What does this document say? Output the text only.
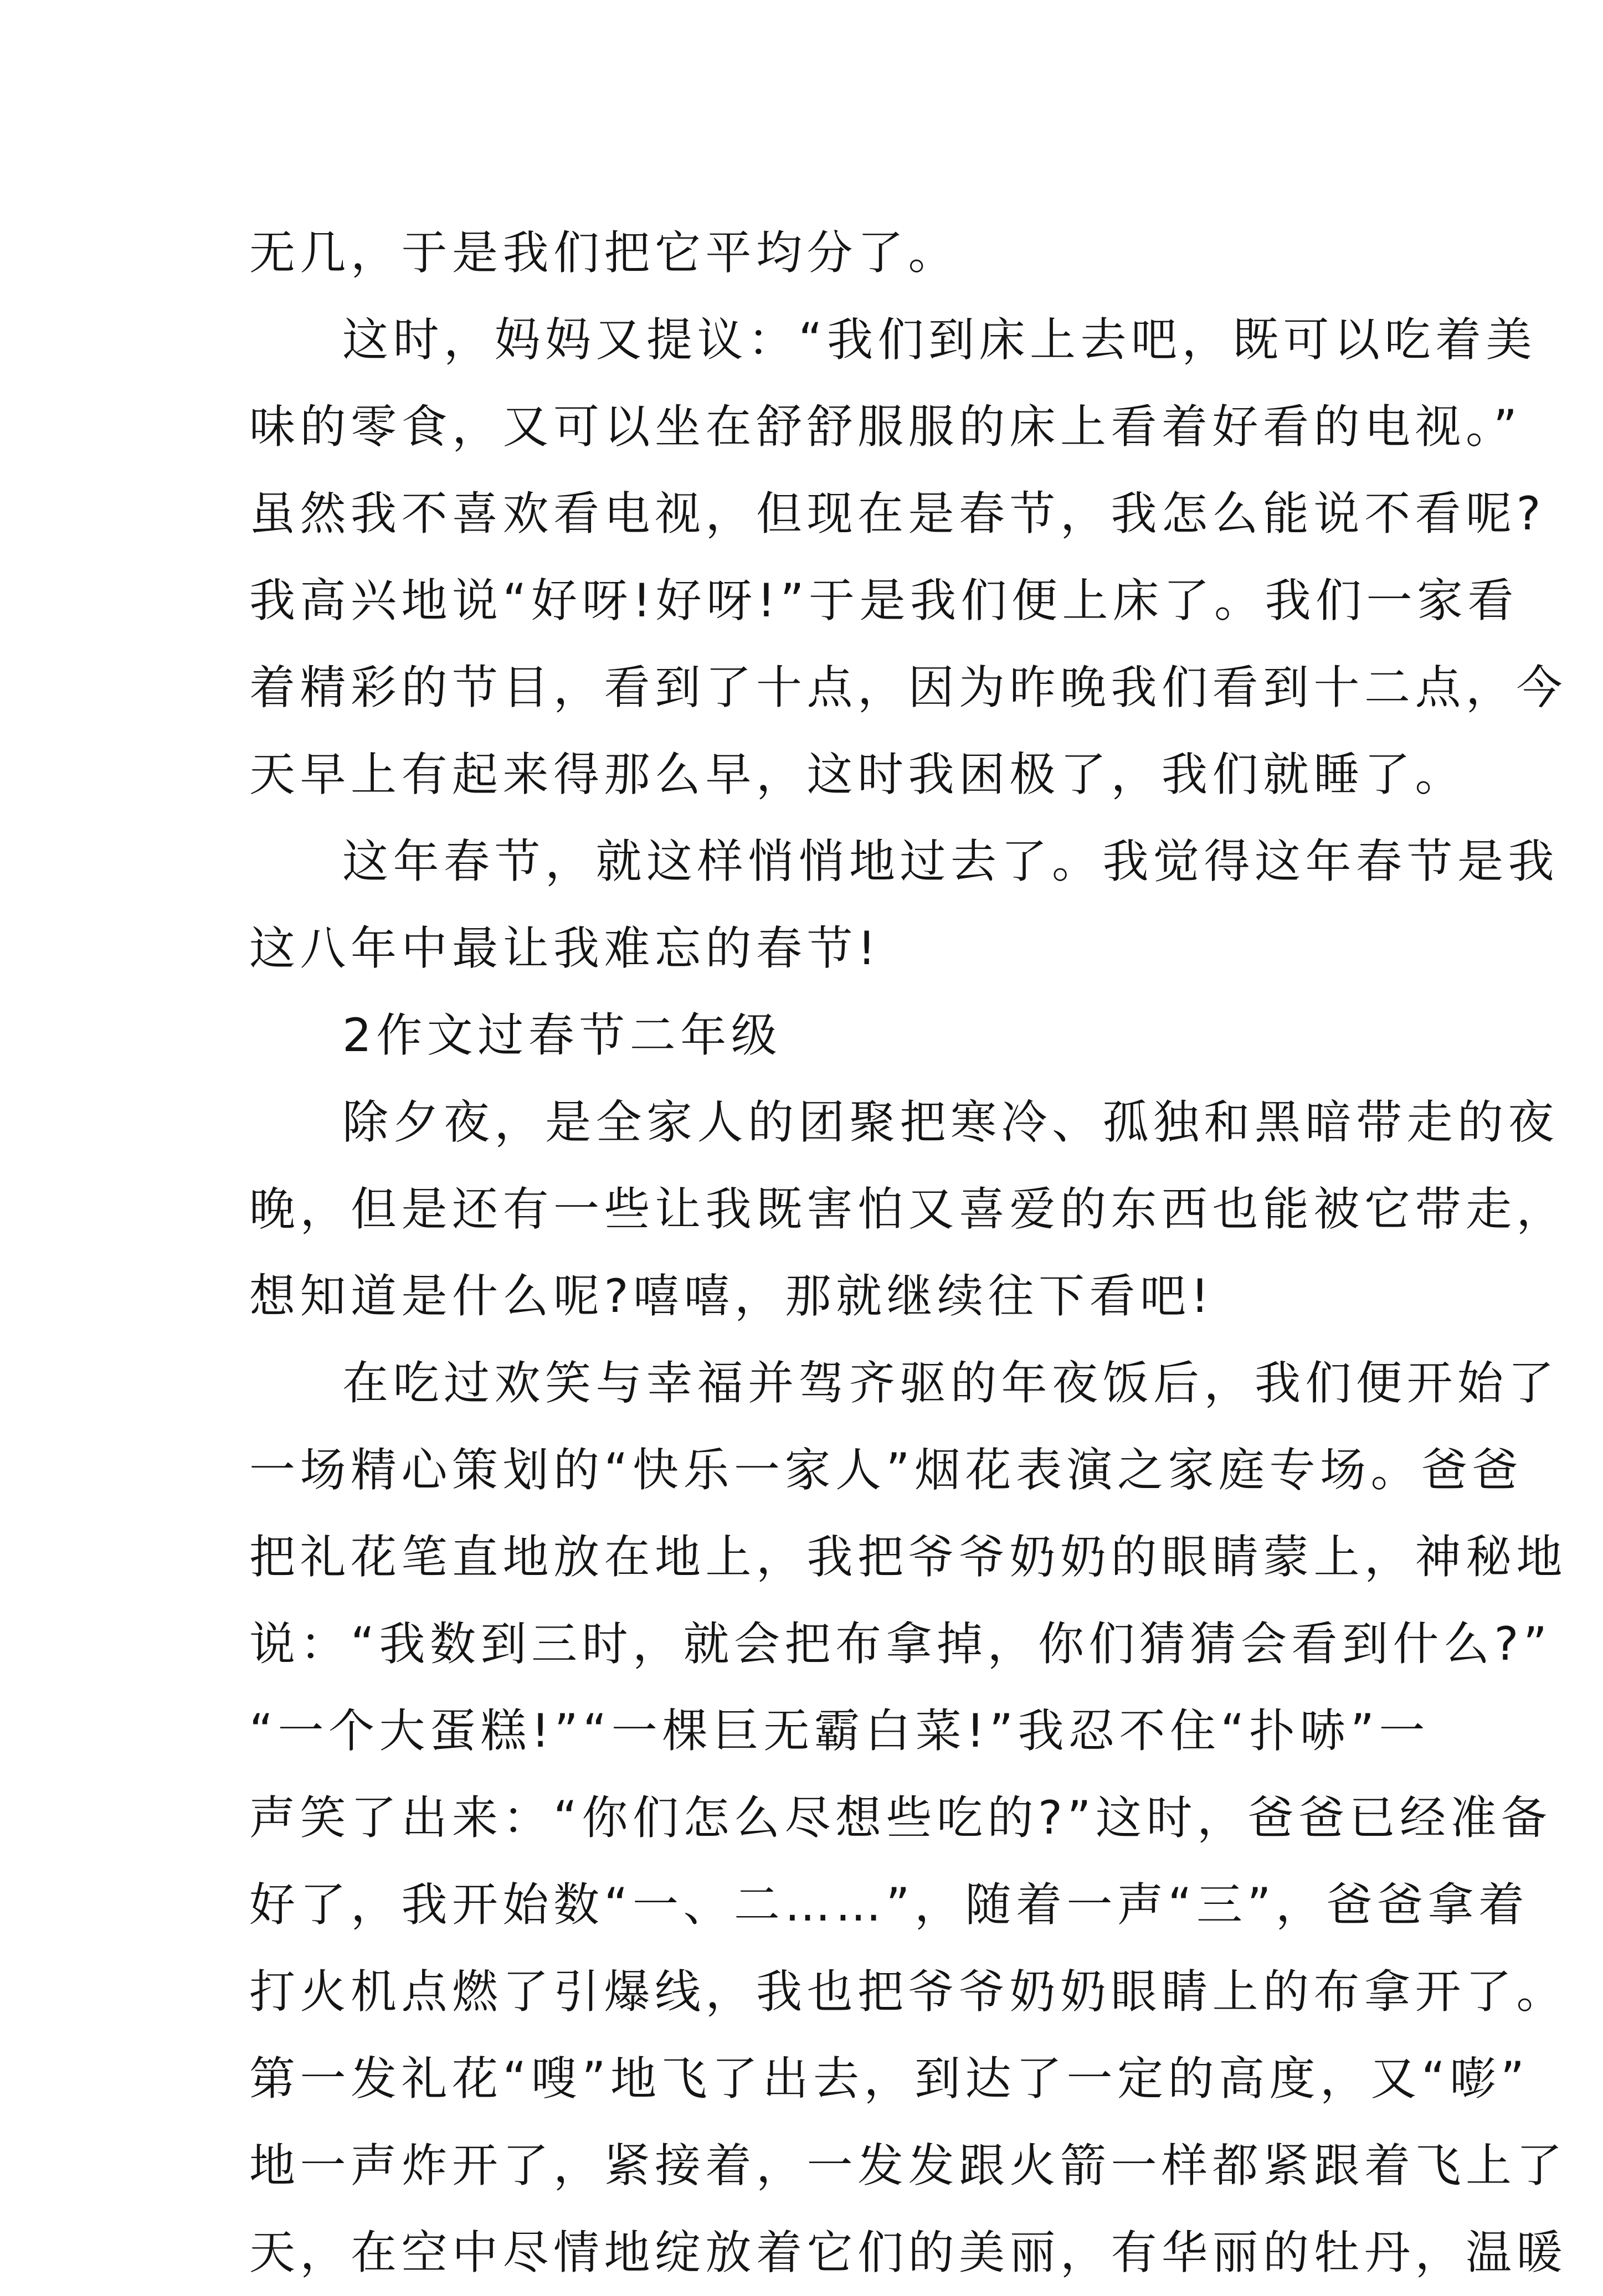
无几，于是我们把它平均分了。

这时，妈妈又提议：“我们到床上去吧，既可以吃着美

味的零食，又可以坐在舒舒服服的床上看着好看的电视。”

虽然我不喜欢看电视，但现在是春节，我怎么能说不看呢?

我高兴地说“好呀!好呀!”于是我们便上床了。我们一家看

着精彩的节目，看到了十点，因为昨晚我们看到十二点，今

天早上有起来得那么早，这时我困极了，我们就睡了。

这年春节，就这样悄悄地过去了。我觉得这年春节是我

这八年中最让我难忘的春节!

2作文过春节二年级

除夕夜，是全家人的团聚把寒冷、孤独和黑暗带走的夜

晚，但是还有一些让我既害怕又喜爱的东西也能被它带走，

想知道是什么呢?嘻嘻，那就继续往下看吧!

在吃过欢笑与幸福并驾齐驱的年夜饭后，我们便开始了

一场精心策划的“快乐一家人”烟花表演之家庭专场。爸爸

把礼花笔直地放在地上，我把爷爷奶奶的眼睛蒙上，神秘地

说：“我数到三时，就会把布拿掉，你们猜猜会看到什么?”

“一个大蛋糕!”“一棵巨无霸白菜!”我忍不住“扑哧”一

声笑了出来：“你们怎么尽想些吃的?”这时，爸爸已经准备

好了，我开始数“一、二……”，随着一声“三”，爸爸拿着

打火机点燃了引爆线，我也把爷爷奶奶眼睛上的布拿开了。

第一发礼花“嗖”地飞了出去，到达了一定的高度，又“嘭”

地一声炸开了，紧接着，一发发跟火箭一样都紧跟着飞上了

天，在空中尽情地绽放着它们的美丽，有华丽的牡丹，温暖
